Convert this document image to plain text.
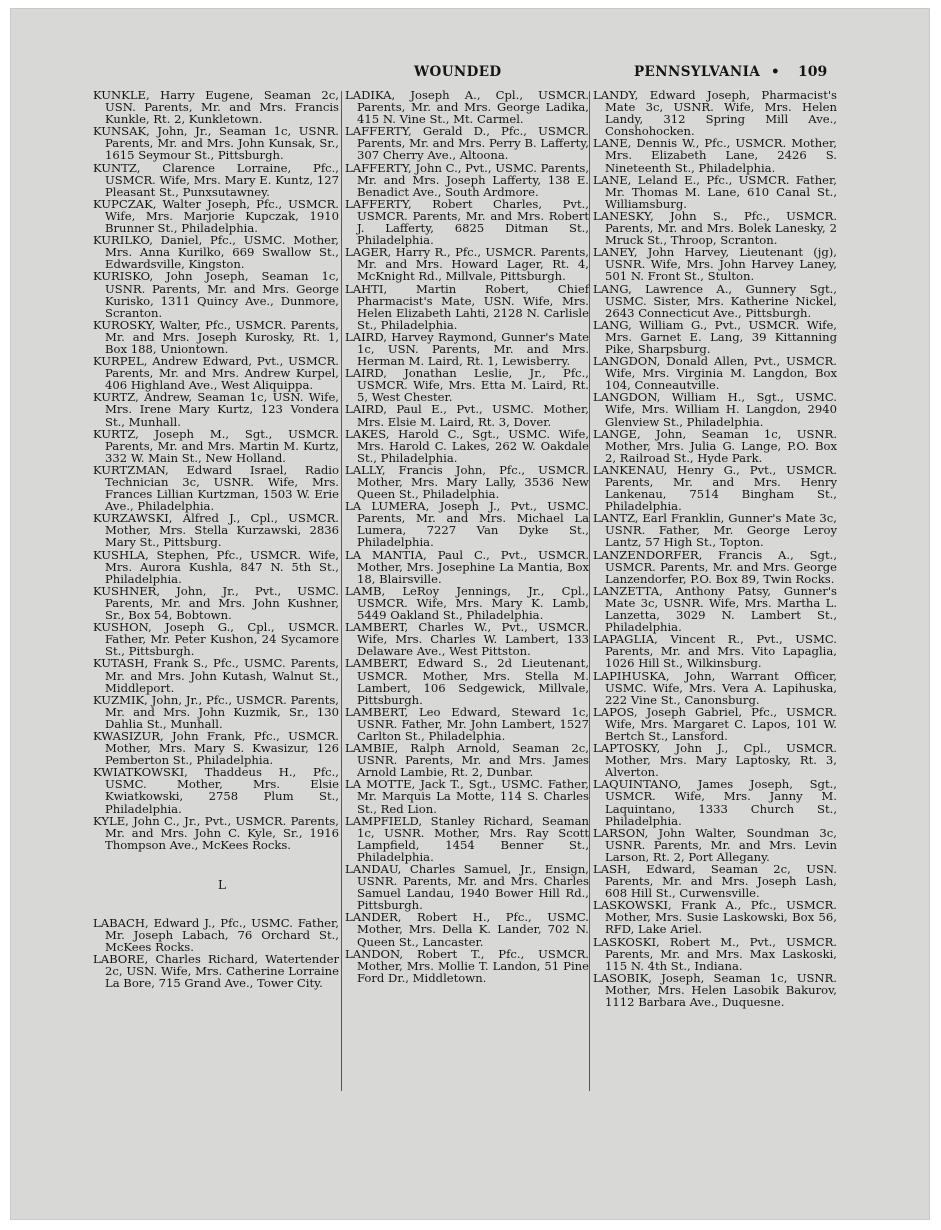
WOUNDED	PENNSYLVANIA • 109

KUNKLE, Harry Eugene, Seaman 2c, USN. Parents, Mr. and Mrs. Francis Kunkle, Rt. 2, Kunkletown.

KUNSAK, John, Jr., Seaman 1c, USNR. Parents, Mr. and Mrs. John Kunsak, Sr., 1615 Seymour St., Pittsburgh.

KUNTZ, Clarence Lorraine, Pfc., USMCR. Wife, Mrs. Mary E. Kuntz, 127 Pleasant St., Punxsutawney.

KUPCZAK, Walter Joseph, Pfc., USMCR. Wife, Mrs. Marjorie Kupczak, 1910 Brunner St., Philadelphia.

KURILKO, Daniel, Pfc., USMC. Mother, Mrs. Anna Kurilko, 669 Swallow St., Edwardsville, Kingston.

KURISKO, John Joseph, Seaman 1c, USNR. Parents, Mr. and Mrs. George Kurisko, 1311 Quincy Ave., Dunmore, Scranton.

KUROSKY, Walter, Pfc., USMCR. Parents, Mr. and Mrs. Joseph Kurosky, Rt. 1, Box 188, Uniontown.

KURPEL, Andrew Edward, Pvt., USMCR. Parents, Mr. and Mrs. Andrew Kurpel, 406 Highland Ave., West Aliquippa.

KURTZ, Andrew, Seaman 1c, USN. Wife, Mrs. Irene Mary Kurtz, 123 Vondera St., Munhall.

KURTZ, Joseph M., Sgt., USMCR. Parents, Mr. and Mrs. Martin M. Kurtz, 332 W. Main St., New Holland.

KURTZMAN, Edward Israel, Radio Technician 3c, USNR. Wife, Mrs. Frances Lillian Kurtzman, 1503 W. Erie Ave., Philadelphia.

KURZAWSKI, Alfred J., Cpl., USMCR. Mother, Mrs. Stella Kurzawski, 2836 Mary St., Pittsburg.

KUSHLA, Stephen, Pfc., USMCR. Wife, Mrs. Aurora Kushla, 847 N. 5th St., Philadelphia.

KUSHNER, John, Jr., Pvt., USMC. Parents, Mr. and Mrs. John Kushner, Sr., Box 54, Bobtown.

KUSHON, Joseph G., Cpl., USMCR. Father, Mr. Peter Kushon, 24 Sycamore St., Pittsburgh.

KUTASH, Frank S., Pfc., USMC. Parents, Mr. and Mrs. John Kutash, Walnut St., Middleport.

KUZMIK, John, Jr., Pfc., USMCR. Parents, Mr. and Mrs. John Kuzmik, Sr., 130 Dahlia St., Munhall.

KWASIZUR, John Frank, Pfc., USMCR. Mother, Mrs. Mary S. Kwasizur, 126 Pemberton St., Philadelphia.

KWIATKOWSKI, Thaddeus H., Pfc., USMC. Mother, Mrs. Elsie Kwiatkowski, 2758 Plum St., Philadelphia.

KYLE, John C., Jr., Pvt., USMCR. Parents, Mr. and Mrs. John C. Kyle, Sr., 1916 Thompson Ave., McKees Rocks.

L

LABACH, Edward J., Pfc., USMC. Father, Mr. Joseph Labach, 76 Orchard St., McKees Rocks.

LABORE, Charles Richard, Watertender 2c, USN. Wife, Mrs. Catherine Lorraine La Bore, 715 Grand Ave., Tower City.

LADIKA, Joseph A., Cpl., USMCR. Parents, Mr. and Mrs. George Ladika, 415 N. Vine St., Mt. Carmel.

LAFFERTY, Gerald D., Pfc., USMCR. Parents, Mr. and Mrs. Perry B. Lafferty, 307 Cherry Ave., Altoona.

LAFFERTY, John C., Pvt., USMC. Parents, Mr. and Mrs. Joseph Lafferty, 138 E. Benadict Ave., South Ardmore.

LAFFERTY, Robert Charles, Pvt., USMCR. Parents, Mr. and Mrs. Robert J. Lafferty, 6825 Ditman St., Philadelphia.

LAGER, Harry R., Pfc., USMCR. Parents, Mr. and Mrs. Howard Lager, Rt. 4, McKnight Rd., Millvale, Pittsburgh.

LAHTI, Martin Robert, Chief Pharmacist's Mate, USN. Wife, Mrs. Helen Elizabeth Lahti, 2128 N. Carlisle St., Philadelphia.

LAIRD, Harvey Raymond, Gunner's Mate 1c, USN. Parents, Mr. and Mrs. Herman M. Laird, Rt. 1, Lewisberry.

LAIRD, Jonathan Leslie, Jr., Pfc., USMCR. Wife, Mrs. Etta M. Laird, Rt. 5, West Chester.

LAIRD, Paul E., Pvt., USMC. Mother, Mrs. Elsie M. Laird, Rt. 3, Dover.

LAKES, Harold C., Sgt., USMC. Wife, Mrs. Harold C. Lakes, 262 W. Oakdale St., Philadelphia.

LALLY, Francis John, Pfc., USMCR. Mother, Mrs. Mary Lally, 3536 New Queen St., Philadelphia.

LA LUMERA, Joseph J., Pvt., USMC. Parents, Mr. and Mrs. Michael La Lumera, 7227 Van Dyke St., Philadelphia.

LA MANTIA, Paul C., Pvt., USMCR. Mother, Mrs. Josephine La Mantia, Box 18, Blairsville.

LAMB, LeRoy Jennings, Jr., Cpl., USMCR. Wife, Mrs. Mary K. Lamb, 5449 Oakland St., Philadelphia.

LAMBERT, Charles W., Pvt., USMCR. Wife, Mrs. Charles W. Lambert, 133 Delaware Ave., West Pittston.

LAMBERT, Edward S., 2d Lieutenant, USMCR. Mother, Mrs. Stella M. Lambert, 106 Sedgewick, Millvale, Pittsburgh.

LAMBERT, Leo Edward, Steward 1c, USNR. Father, Mr. John Lambert, 1527 Carlton St., Philadelphia.

LAMBIE, Ralph Arnold, Seaman 2c, USNR. Parents, Mr. and Mrs. James Arnold Lambie, Rt. 2, Dunbar.

LA MOTTE, Jack T., Sgt., USMC. Father, Mr. Marquis La Motte, 114 S. Charles St., Red Lion.

LAMPFIELD, Stanley Richard, Seaman 1c, USNR. Mother, Mrs. Ray Scott Lampfield, 1454 Benner St., Philadelphia.

LANDAU, Charles Samuel, Jr., Ensign, USNR. Parents, Mr. and Mrs. Charles Samuel Landau, 1940 Bower Hill Rd., Pittsburgh.

LANDER, Robert H., Pfc., USMC. Mother, Mrs. Della K. Lander, 702 N. Queen St., Lancaster.

LANDON, Robert T., Pfc., USMCR. Mother, Mrs. Mollie T. Landon, 51 Pine Ford Dr., Middletown.

LANDY, Edward Joseph, Pharmacist's Mate 3c, USNR. Wife, Mrs. Helen Landy, 312 Spring Mill Ave., Conshohocken.

LANE, Dennis W., Pfc., USMCR. Mother, Mrs. Elizabeth Lane, 2426 S. Nineteenth St., Philadelphia.

LANE, Leland E., Pfc., USMCR. Father, Mr. Thomas M. Lane, 610 Canal St., Williamsburg.

LANESKY, John S., Pfc., USMCR. Parents, Mr. and Mrs. Bolek Lanesky, 2 Mruck St., Throop, Scranton.

LANEY, John Harvey, Lieutenant (jg), USNR. Wife, Mrs. John Harvey Laney, 501 N. Front St., Stulton.

LANG, Lawrence A., Gunnery Sgt., USMC. Sister, Mrs. Katherine Nickel, 2643 Connecticut Ave., Pittsburgh.

LANG, William G., Pvt., USMCR. Wife, Mrs. Garnet E. Lang, 39 Kittanning Pike, Sharpsburg.

LANGDON, Donald Allen, Pvt., USMCR. Wife, Mrs. Virginia M. Langdon, Box 104, Conneautville.

LANGDON, William H., Sgt., USMC. Wife, Mrs. William H. Langdon, 2940 Glenview St., Philadelphia.

LANGE, John, Seaman 1c, USNR. Mother, Mrs. Julia G. Lange, P.O. Box 2, Railroad St., Hyde Park.

LANKENAU, Henry G., Pvt., USMCR. Parents, Mr. and Mrs. Henry Lankenau, 7514 Bingham St., Philadelphia.

LANTZ, Earl Franklin, Gunner's Mate 3c, USNR. Father, Mr. George Leroy Lantz, 57 High St., Topton.

LANZENDORFER, Francis A., Sgt., USMCR. Parents, Mr. and Mrs. George Lanzendorfer, P.O. Box 89, Twin Rocks.

LANZETTA, Anthony Patsy, Gunner's Mate 3c, USNR. Wife, Mrs. Martha L. Lanzetta, 3029 N. Lambert St., Philadelphia.

LAPAGLIA, Vincent R., Pvt., USMC. Parents, Mr. and Mrs. Vito Lapaglia, 1026 Hill St., Wilkinsburg.

LAPIHUSKA, John, Warrant Officer, USMC. Wife, Mrs. Vera A. Lapihuska, 222 Vine St., Canonsburg.

LAPOS, Joseph Gabriel, Pfc., USMCR. Wife, Mrs. Margaret C. Lapos, 101 W. Bertch St., Lansford.

LAPTOSKY, John J., Cpl., USMCR. Mother, Mrs. Mary Laptosky, Rt. 3, Alverton.

LAQUINTANO, James Joseph, Sgt., USMCR. Wife, Mrs. Janny M. Laquintano, 1333 Church St., Philadelphia.

LARSON, John Walter, Soundman 3c, USNR. Parents, Mr. and Mrs. Levin Larson, Rt. 2, Port Allegany.

LASH, Edward, Seaman 2c, USN. Parents, Mr. and Mrs. Joseph Lash, 608 Hill St., Curwensville.

LASKOWSKI, Frank A., Pfc., USMCR. Mother, Mrs. Susie Laskowski, Box 56, RFD, Lake Ariel.

LASKOSKI, Robert M., Pvt., USMCR. Parents, Mr. and Mrs. Max Laskoski, 115 N. 4th St., Indiana.

LASOBIK, Joseph, Seaman 1c, USNR. Mother, Mrs. Helen Lasobik Bakurov, 1112 Barbara Ave., Duquesne.
